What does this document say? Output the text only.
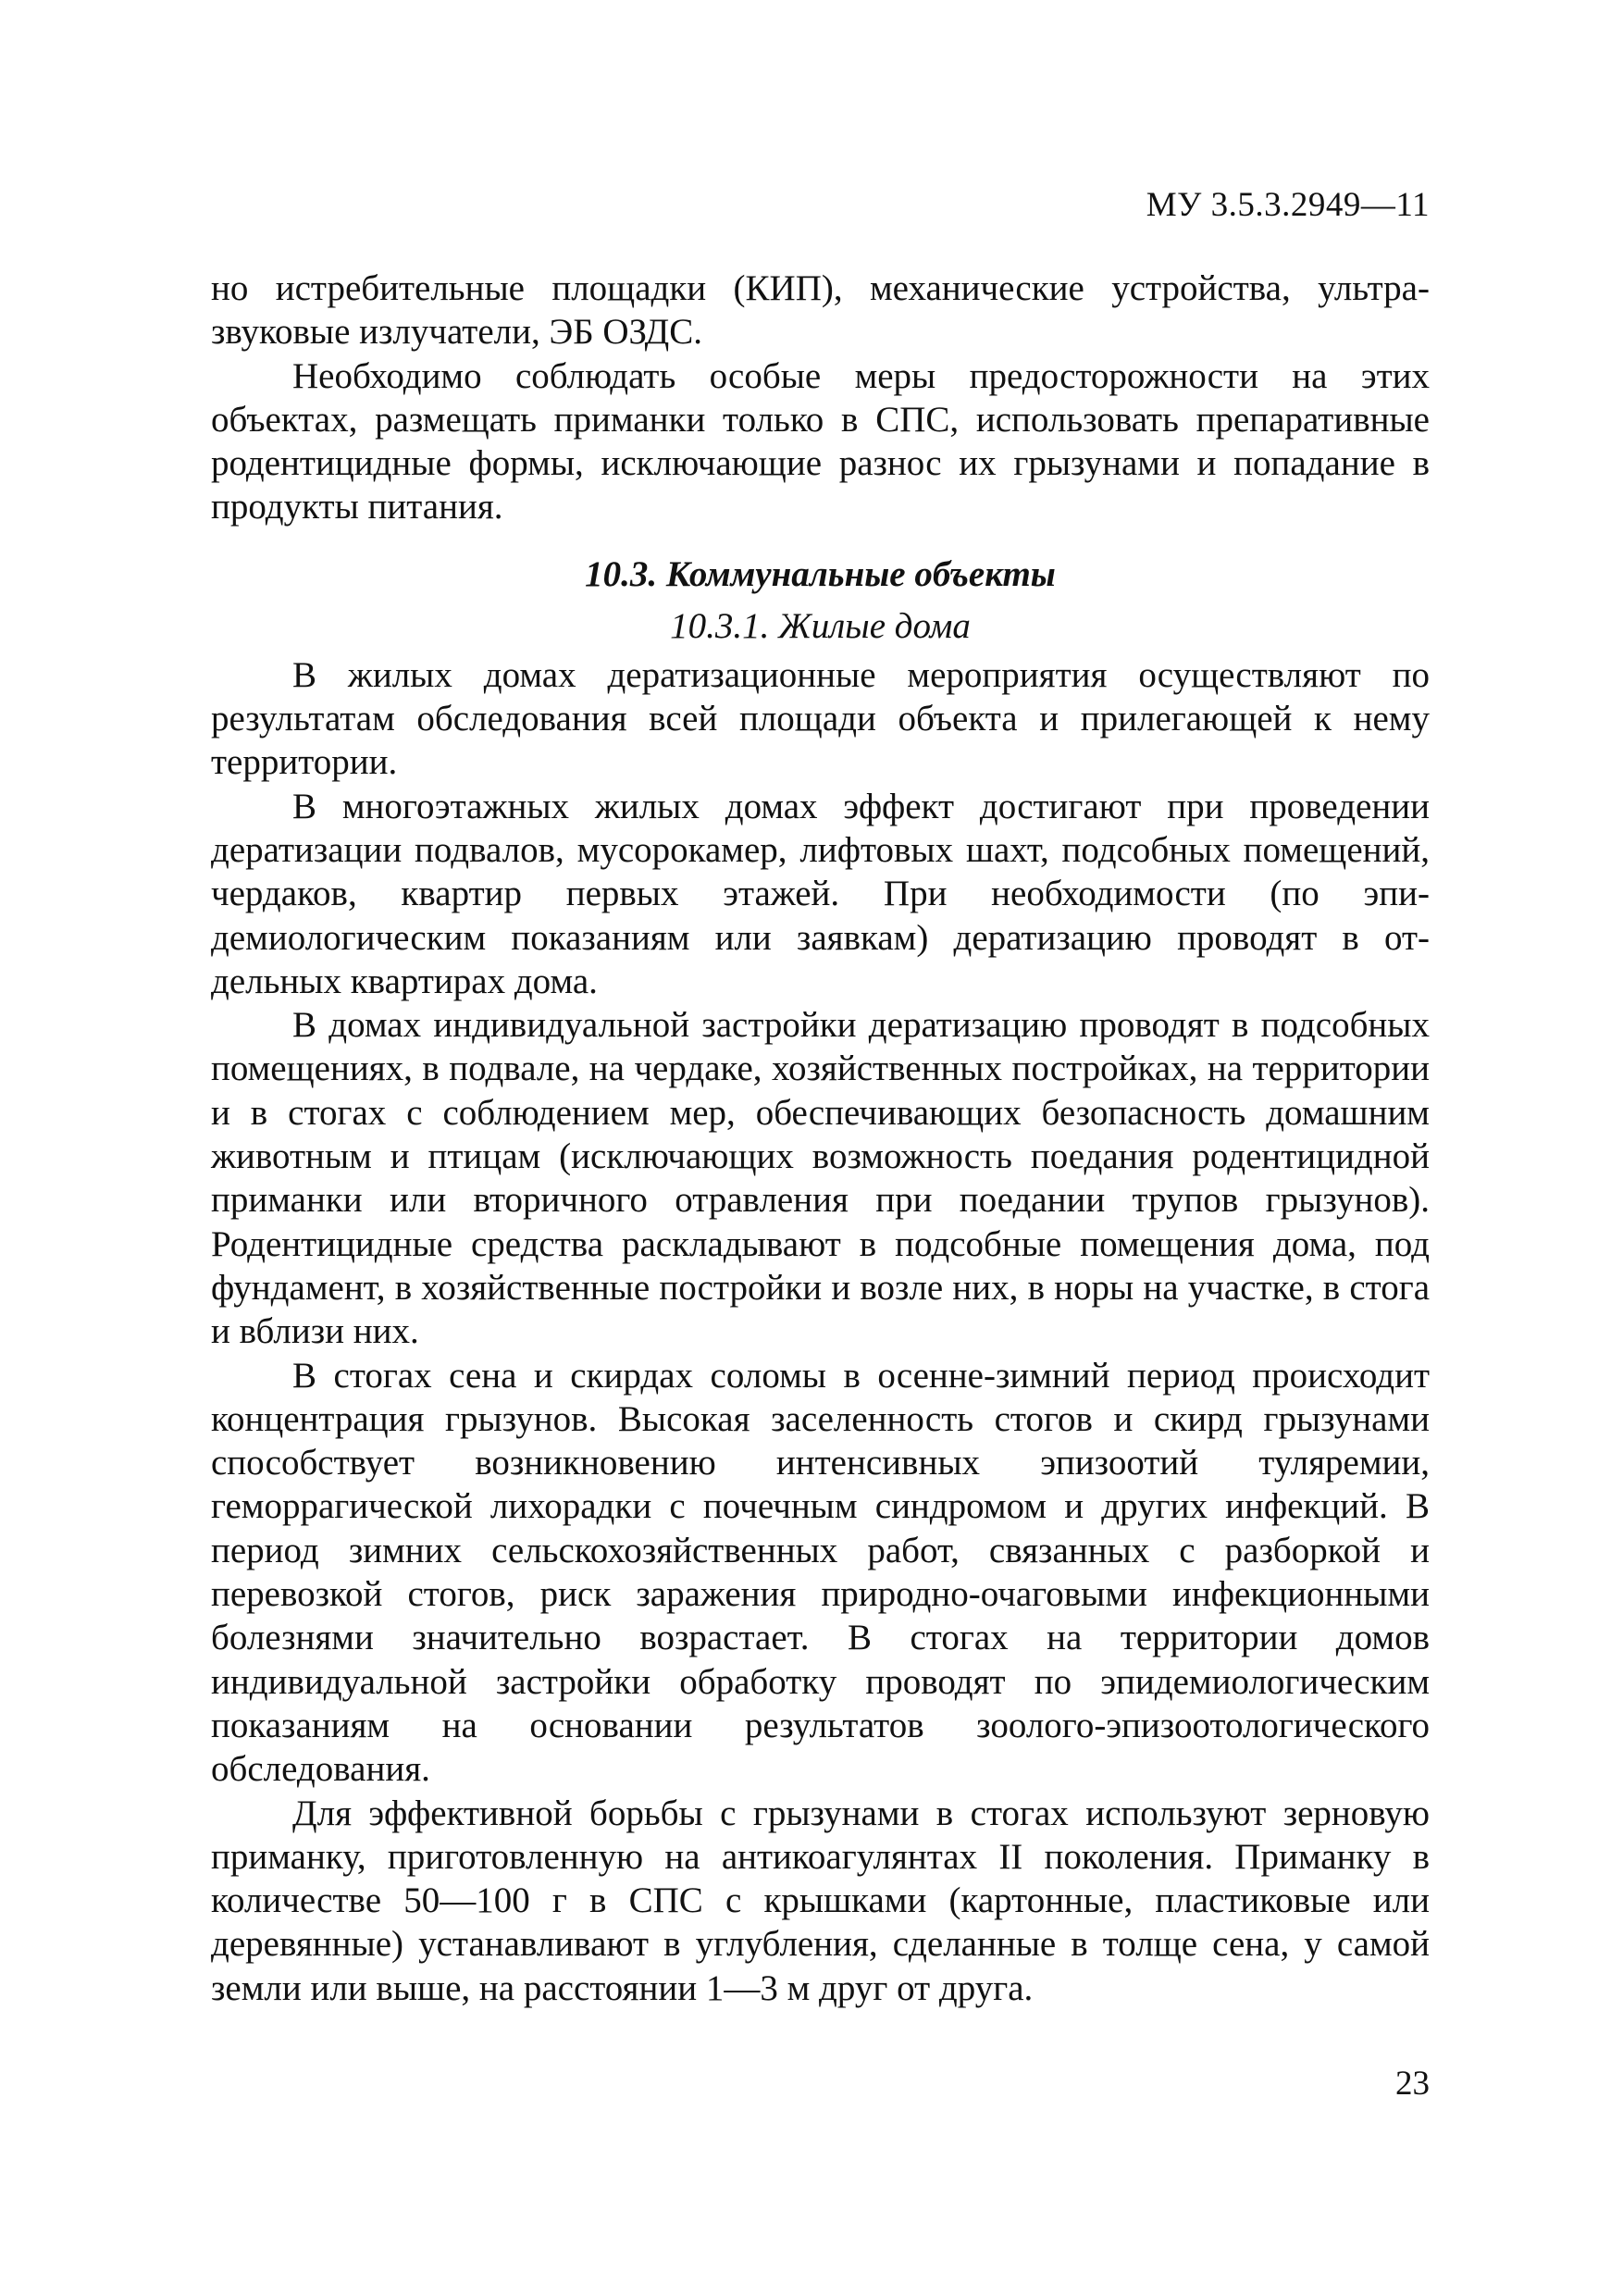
МУ 3.5.3.2949—11

но истребительные площадки (КИП), механические устройства, ультразвуковые излучатели, ЭБ ОЗДС.

Необходимо соблюдать особые меры предосторожности на этих объектах, размещать приманки только в СПС, использовать препаративные родентицидные формы, исключающие разнос их грызунами и попадание в продукты питания.

10.3. Коммунальные объекты
10.3.1. Жилые дома

В жилых домах дератизационные мероприятия осуществляют по результатам обследования всей площади объекта и прилегающей к нему территории.

В многоэтажных жилых домах эффект достигают при проведении дератизации подвалов, мусорокамер, лифтовых шахт, подсобных помещений, чердаков, квартир первых этажей. При необходимости (по эпидемиологическим показаниям или заявкам) дератизацию проводят в отдельных квартирах дома.

В домах индивидуальной застройки дератизацию проводят в подсобных помещениях, в подвале, на чердаке, хозяйственных постройках, на территории и в стогах с соблюдением мер, обеспечивающих безопасность домашним животным и птицам (исключающих возможность поедания родентицидной приманки или вторичного отравления при поедании трупов грызунов). Родентицидные средства раскладывают в подсобные помещения дома, под фундамент, в хозяйственные постройки и возле них, в норы на участке, в стога и вблизи них.

В стогах сена и скирдах соломы в осенне-зимний период происходит концентрация грызунов. Высокая заселенность стогов и скирд грызунами способствует возникновению интенсивных эпизоотий туляремии, геморрагической лихорадки с почечным синдромом и других инфекций. В период зимних сельскохозяйственных работ, связанных с разборкой и перевозкой стогов, риск заражения природно-очаговыми инфекционными болезнями значительно возрастает. В стогах на территории домов индивидуальной застройки обработку проводят по эпидемиологическим показаниям на основании результатов зоолого-эпизоотологического обследования.

Для эффективной борьбы с грызунами в стогах используют зерновую приманку, приготовленную на антикоагулянтах II поколения. Приманку в количестве 50—100 г в СПС с крышками (картонные, пластиковые или деревянные) устанавливают в углубления, сделанные в толще сена, у самой земли или выше, на расстоянии 1—3 м друг от друга.

23
